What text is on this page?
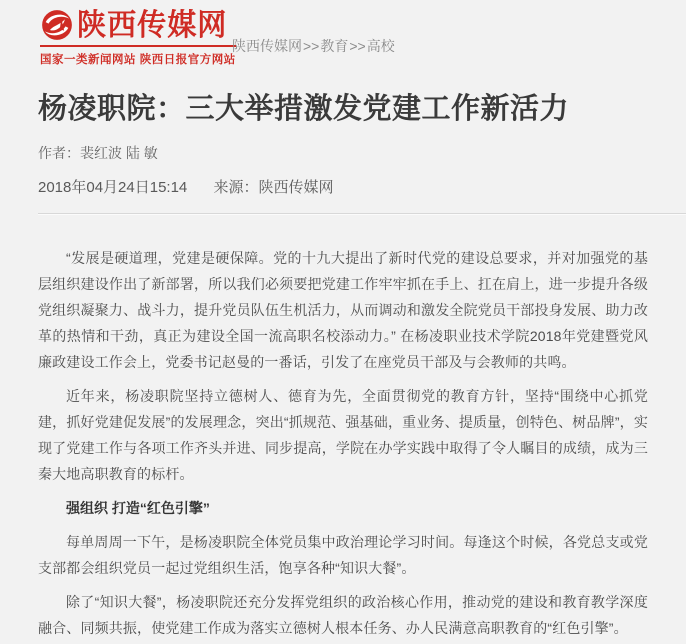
陕西传媒网
国家一类新闻网站 陕西日报官方网站
陕西传媒网>>教育>>高校
杨凌职院：三大举措激发党建工作新活力
作者：裴红波 陆 敏
2018年04月24日15:14 来源：陕西传媒网

“发展是硬道理，党建是硬保障。党的十九大提出了新时代党的建设总要求，并对加强党的基层组织建设作出了新部署，所以我们必须要把党建工作牢牢抓在手上、扛在肩上，进一步提升各级党组织凝聚力、战斗力，提升党员队伍生机活力，从而调动和激发全院党员干部投身发展、助力改革的热情和干劲，真正为建设全国一流高职名校添动力。” 在杨凌职业技术学院2018年党建暨党风廉政建设工作会上，党委书记赵曼的一番话，引发了在座党员干部及与会教师的共鸣。

近年来，杨凌职院坚持立德树人、德育为先，全面贯彻党的教育方针，坚持“围绕中心抓党建，抓好党建促发展”的发展理念，突出“抓规范、强基础，重业务、提质量，创特色、树品牌”，实现了党建工作与各项工作齐头并进、同步提高，学院在办学实践中取得了令人瞩目的成绩，成为三秦大地高职教育的标杆。

强组织 打造“红色引擎”

每单周周一下午，是杨凌职院全体党员集中政治理论学习时间。每逢这个时候，各党总支或党支部都会组织党员一起过党组织生活，饱享各种“知识大餐”。

除了“知识大餐”，杨凌职院还充分发挥党组织的政治核心作用，推动党的建设和教育教学深度融合、同频共振，使党建工作成为落实立德树人根本任务、办人民满意高职教育的“红色引擎”。
